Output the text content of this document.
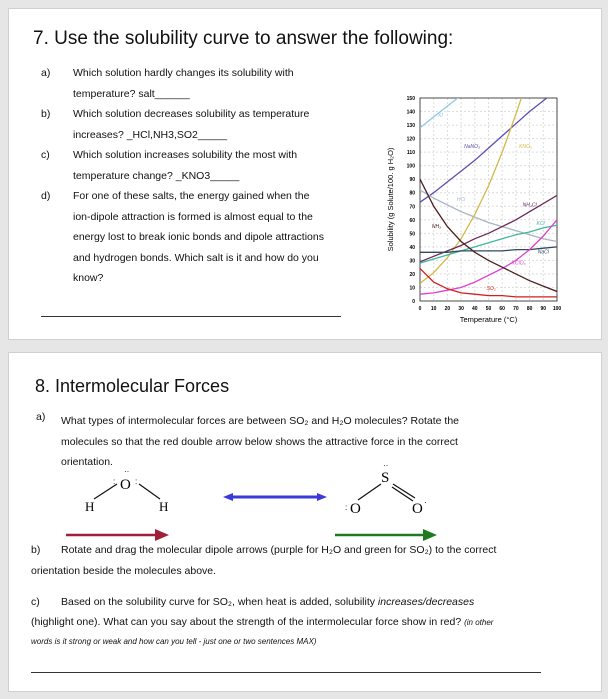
7. Use the solubility curve to answer the following:
a) Which solution hardly changes its solubility with
temperature? salt______
b) Which solution decreases solubility as temperature
increases? _HCl,NH3,SO2_____
c) Which solution increases solubility the most with
temperature change? _KNO3_____
d) For one of these salts, the energy gained when the
ion-dipole attraction is formed is almost equal to the
energy lost to break ionic bonds and dipole attractions
and hydrogen bonds. Which salt is it and how do you
know?
0
10
20
30
40
50
60
70
80
90
100
110
120
130
140
150
0 10 20 30 40 50 60 70 80 90 100
KI
NaNO₃	KNO₃
HCl
NH₄Cl
KCl
NaCl
KClO₃
NH₃
SO₂
Temperature (°C)
Solubility (g Solute/100. g H₂O)
8. Intermolecular Forces
a) What types of intermolecular forces are between SO₂ and H₂O molecules? Rotate the
molecules so that the red double arrow below shows the attractive force in the correct
orientation.
O
··
: :
H	H
S
··
O	O
:
·
b) Rotate and drag the molecular dipole arrows (purple for H₂O and green for SO₂) to the correct
orientation beside the molecules above.
c) Based on the solubility curve for SO₂, when heat is added, solubility increases/decreases
(highlight one). What can you say about the strength of the intermolecular force show in red? (in other
words is it strong or weak and how can you tell - just one or two sentences MAX)
